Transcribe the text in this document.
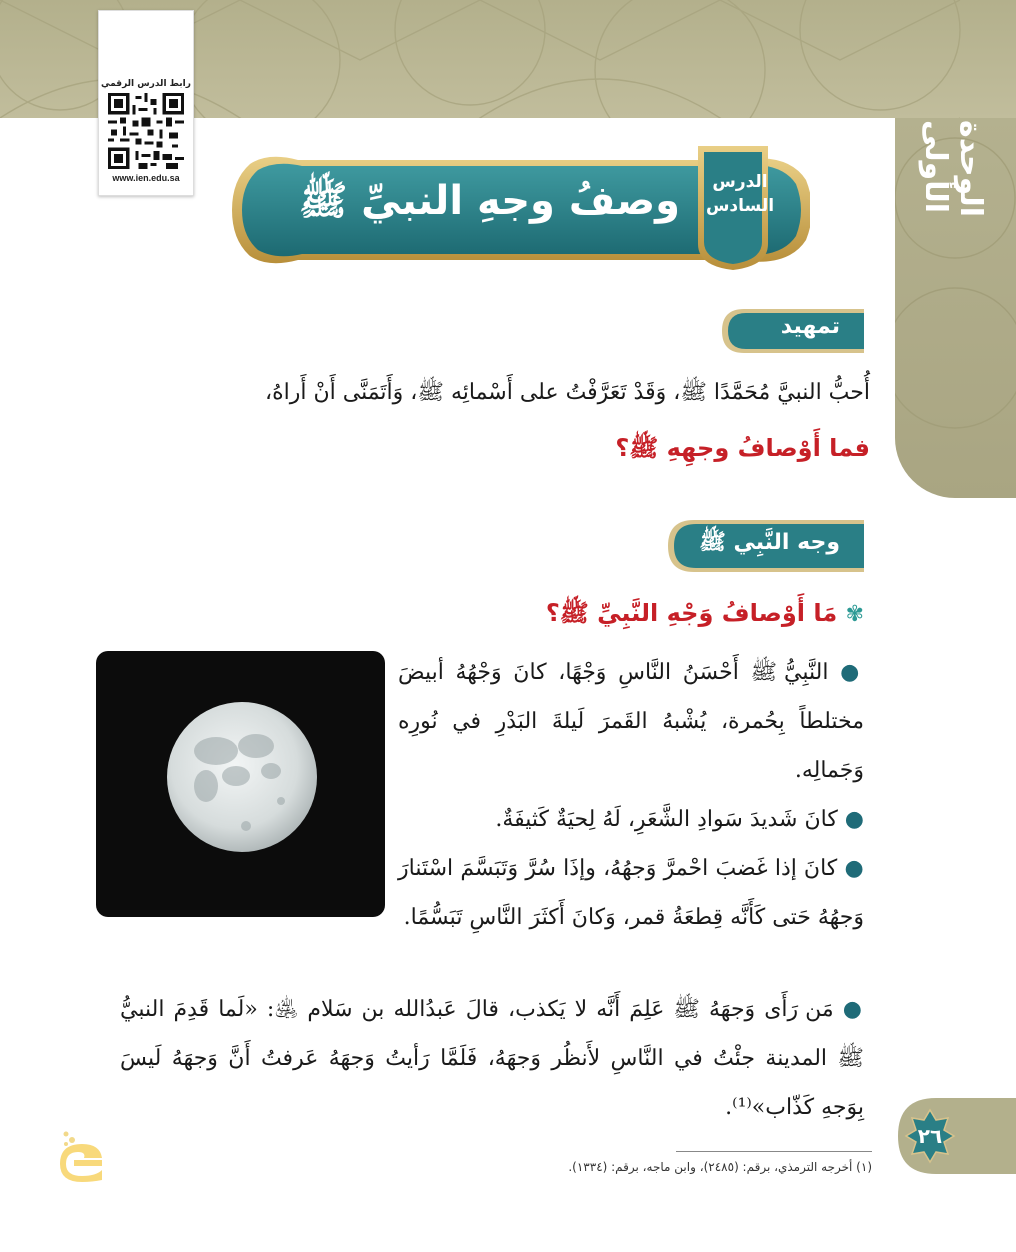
الوحدة الأولى
رابط الدرس الرقمي
www.ien.edu.sa	وصفُ وجهِ النبيِّ ﷺ	الدرس
السادس
تمهيد
أُحبُّ النبيَّ مُحَمَّدًا ﷺ، وَقَدْ تَعَرَّفْتُ على أَسْمائِه ﷺ، وَأَتَمَنَّى أَنْ أَراهُ،
فما أَوْصافُ وجهِهِ ﷺ؟
وجه النَّبِي ﷺ
✾ مَا أَوْصافُ وَجْهِ النَّبِيِّ ﷺ؟

● النَّبِيُّ ﷺ أَحْسَنُ النَّاسِ وَجْهًا، كانَ وَجْهُهُ أبيضَ مختلطاً بِحُمرة، يُشْبهُ القَمرَ لَيلةَ البَدْرِ في نُورِه وَجَمالِه.

● كانَ شَديدَ سَوادِ الشَّعَرِ، لَهُ لِحيَةٌ كَثيفَةٌ.

● كانَ إذا غَضبَ احْمرَّ وَجهُهُ، وإذَا سُرَّ وَتَبَسَّمَ اسْتَنارَ وَجهُهُ حَتى كَأَنَّه قِطعَةُ قمر، وَكانَ أَكثَرَ النَّاسِ تَبَسُّمًا.

● مَن رَأَى وَجهَهُ ﷺ عَلِمَ أَنَّه لا يَكذب، قالَ عَبدُالله بن سَلام ﵁: «لَما قَدِمَ النبيُّ ﷺ المدينة جئْتُ في النَّاسِ لأَنظُر وَجهَهُ، فَلَمَّا رَأيتُ وَجهَهُ عَرفتُ أَنَّ وَجهَهُ لَيسَ بِوَجهِ كَذّاب»⁽¹⁾.

(١) أخرجه الترمذي، برقم: (٢٤٨٥)، وابن ماجه، برقم: (١٣٣٤).
٢٦
